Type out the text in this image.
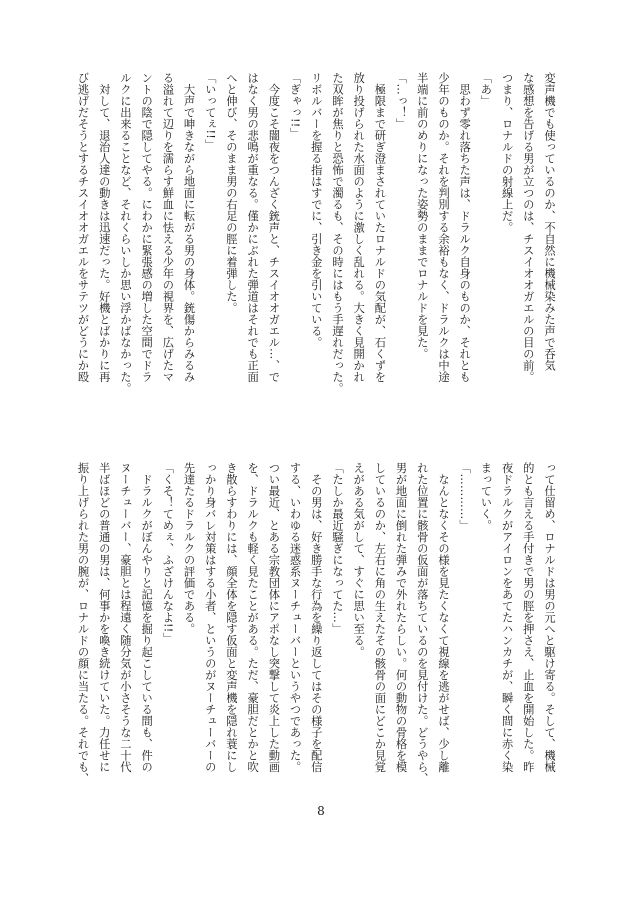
変声機でも使っているのか、不自然に機械染みた声で呑気
な感想を告げる男が立つのは、チスイオオガエルの目の前。
つまり、ロナルドの射線上だ。
「あ」
　思わず零れ落ちた声は、ドラルク自身のものか、それとも
少年のものか。それを判別する余裕もなく、ドラルクは中途
半端に前のめりになった姿勢のままでロナルドを見た。
「…っ！」
　極限まで研ぎ澄まされていたロナルドの気配が、石くずを
放り投げられた水面のように激しく乱れる。大きく見開かれ
た双眸が焦りと恐怖で濁るも、その時にはもう手遅れだった。
リボルバーを握る指はすでに、引き金を引いている。
「ぎゃっ!!」
　今度こそ闇夜をつんざく銃声と、チスイオオガエル…、で
はなく男の悲鳴が重なる。僅かにぶれた弾道はそれでも正面
へと伸び、そのまま男の右足の脛に着弾した。
「いってぇ!!」
　大声で呻きながら地面に転がる男の身体。銃傷からみるみ
る溢れて辺りを濡らす鮮血に怯える少年の視界を、広げたマ
ントの陰で隠してやる。にわかに緊張感の増した空間でドラ
ルクに出来ることなど、それくらいしか思い浮かばなかった。
　対して、退治人達の動きは迅速だった。好機とばかりに再
び逃げだそうとするチスイオオガエルをサテツがどうにか殴
って仕留め、ロナルドは男の元へと駆け寄る。そして、機械
的とも言える手付きで男の脛を押さえ、止血を開始した。昨
夜ドラルクがアイロンをあてたハンカチが、瞬く間に赤く染
まっていく。
「…………」
　なんとなくその様を見たくなくて視線を逃がせば、少し離
れた位置に骸骨の仮面が落ちているのを見付けた。どうやら、
男が地面に倒れた弾みで外れたらしい。何の動物の骨格を模
しているのか、左右に角の生えたその骸骨の面にどこか見覚
えがある気がして、すぐに思い至る。
「たしか最近騒ぎになってた…」
　その男は、好き勝手な行為を繰り返してはその様子を配信
する、いわゆる迷惑系ヌーチューバーというやつであった。
つい最近、とある宗教団体にアポなし突撃して炎上した動画
を、ドラルクも軽く見たことがある。ただ、豪胆だとかと吹
き散らすわりには、顔全体を隠す仮面と変声機を隠れ蓑にし
っかり身バレ対策はする小者、というのがヌーチューバーの
先達たるドラルクの評価である。
「くそ！てめぇ、ふざけんなよ!!」
　ドラルクがぼんやりと記憶を掘り起こしている間も、件の
ヌーチューバー、豪胆とは程遠く随分気が小さそうな二十代
半ばほどの普通の男は、何事かを喚き続けていた。力任せに
振り上げられた男の腕が、ロナルドの顔に当たる。それでも、
8
